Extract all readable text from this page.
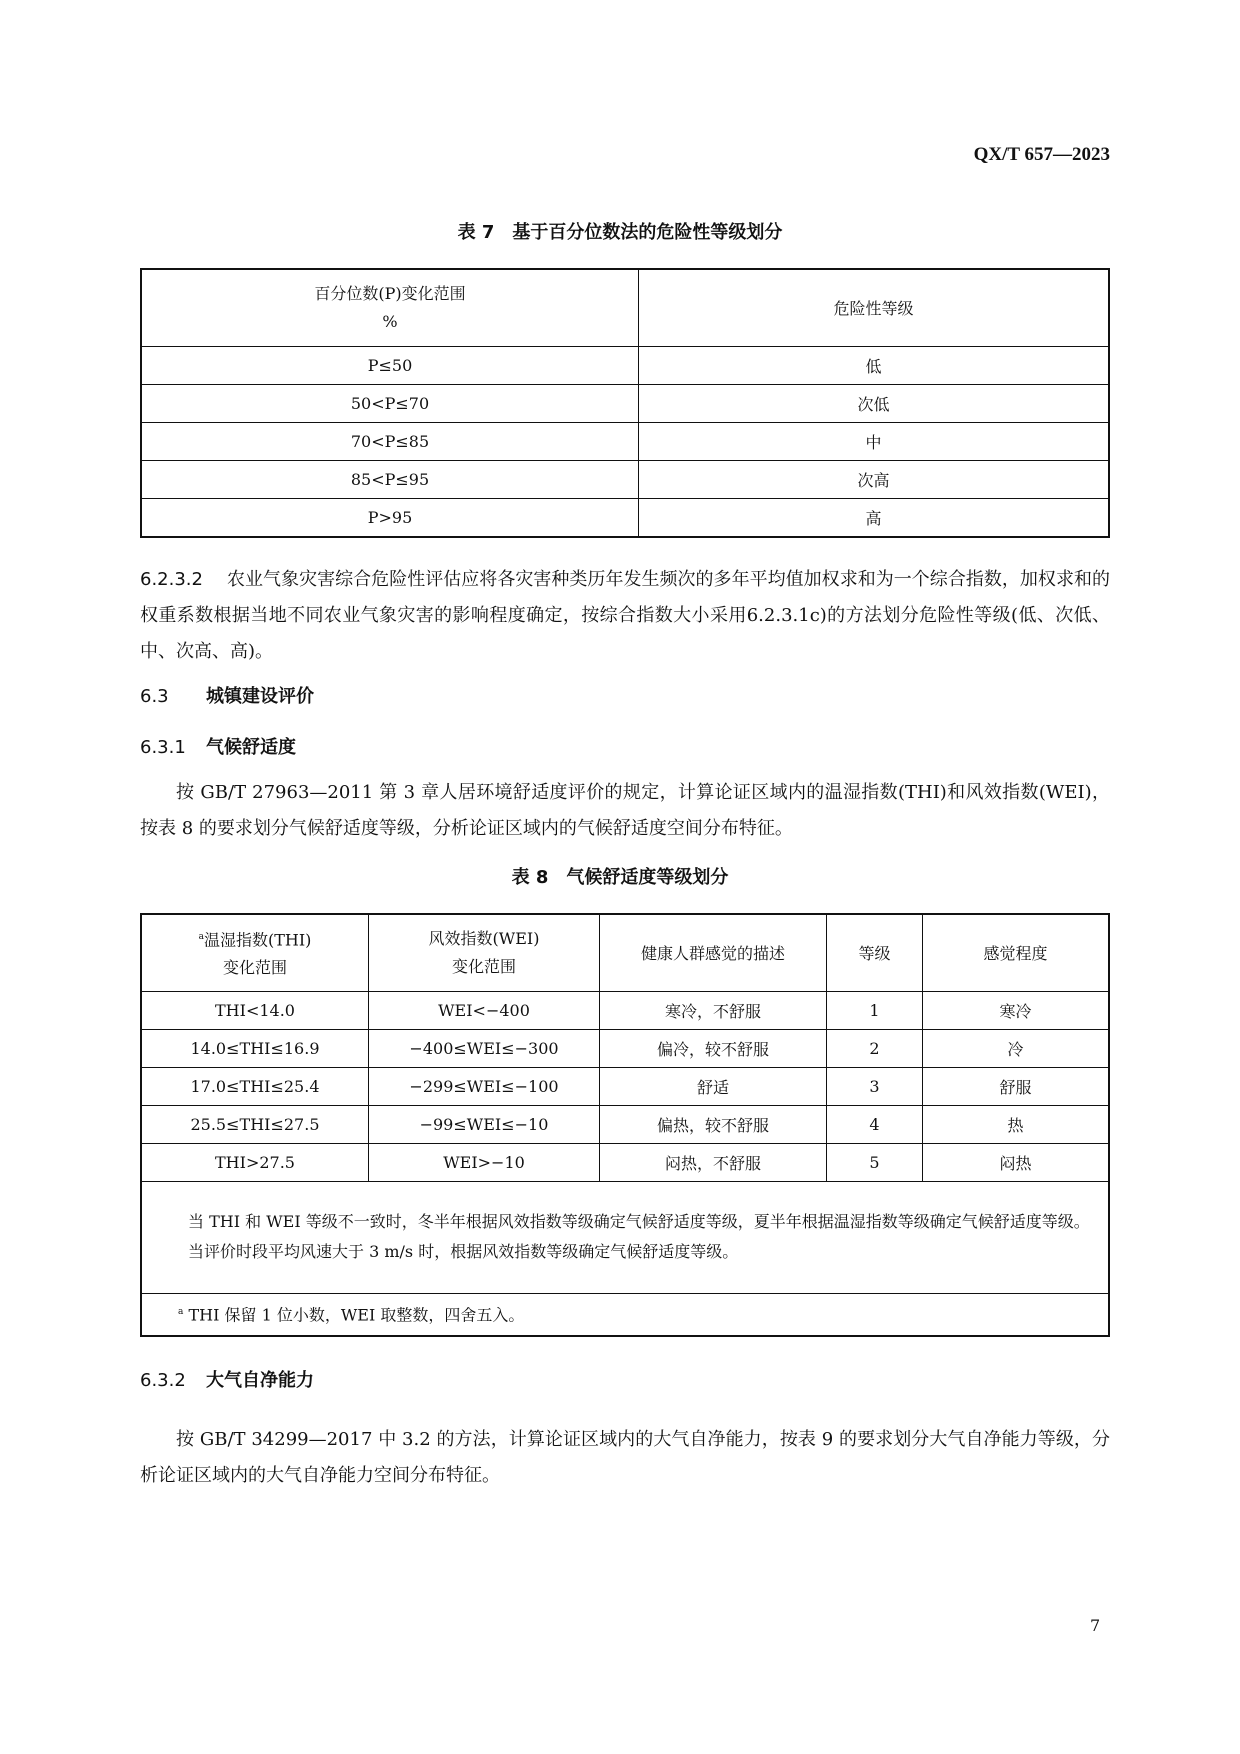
QX/T 657—2023
表 7　基于百分位数法的危险性等级划分
百分位数(P)变化范围
%	危险性等级
P≤50	低
50<P≤70	次低
70<P≤85	中
85<P≤95	次高
P>95	高
6.2.3.2 农业气象灾害综合危险性评估应将各灾害种类历年发生频次的多年平均值加权求和为一个综合指数，加权求和的权重系数根据当地不同农业气象灾害的影响程度确定，按综合指数大小采用6.2.3.1c)的方法划分危险性等级(低、次低、中、次高、高)。
6.3 城镇建设评价
6.3.1 气候舒适度
按 GB/T 27963—2011 第 3 章人居环境舒适度评价的规定，计算论证区域内的温湿指数(THI)和风效指数(WEI)，按表 8 的要求划分气候舒适度等级，分析论证区域内的气候舒适度空间分布特征。
表 8　气候舒适度等级划分
$^a$温湿指数(THI)
变化范围	风效指数(WEI)
变化范围	健康人群感觉的描述	等级	感觉程度
THI<14.0	WEI<−400	寒冷，不舒服	1	寒冷
14.0≤THI≤16.9	−400≤WEI≤−300	偏冷，较不舒服	2	冷
17.0≤THI≤25.4	−299≤WEI≤−100	舒适	3	舒服
25.5≤THI≤27.5	−99≤WEI≤−10	偏热，较不舒服	4	热
THI>27.5	WEI>−10	闷热，不舒服	5	闷热

当 THI 和 WEI 等级不一致时，冬半年根据风效指数等级确定气候舒适度等级，夏半年根据温湿指数等级确定气候舒适度等级。
当评价时段平均风速大于 3 m/s 时，根据风效指数等级确定气候舒适度等级。				

$^a$ THI 保留 1 位小数，WEI 取整数，四舍五入。				
6.3.2 大气自净能力
按 GB/T 34299—2017 中 3.2 的方法，计算论证区域内的大气自净能力，按表 9 的要求划分大气自净能力等级，分析论证区域内的大气自净能力空间分布特征。
7
